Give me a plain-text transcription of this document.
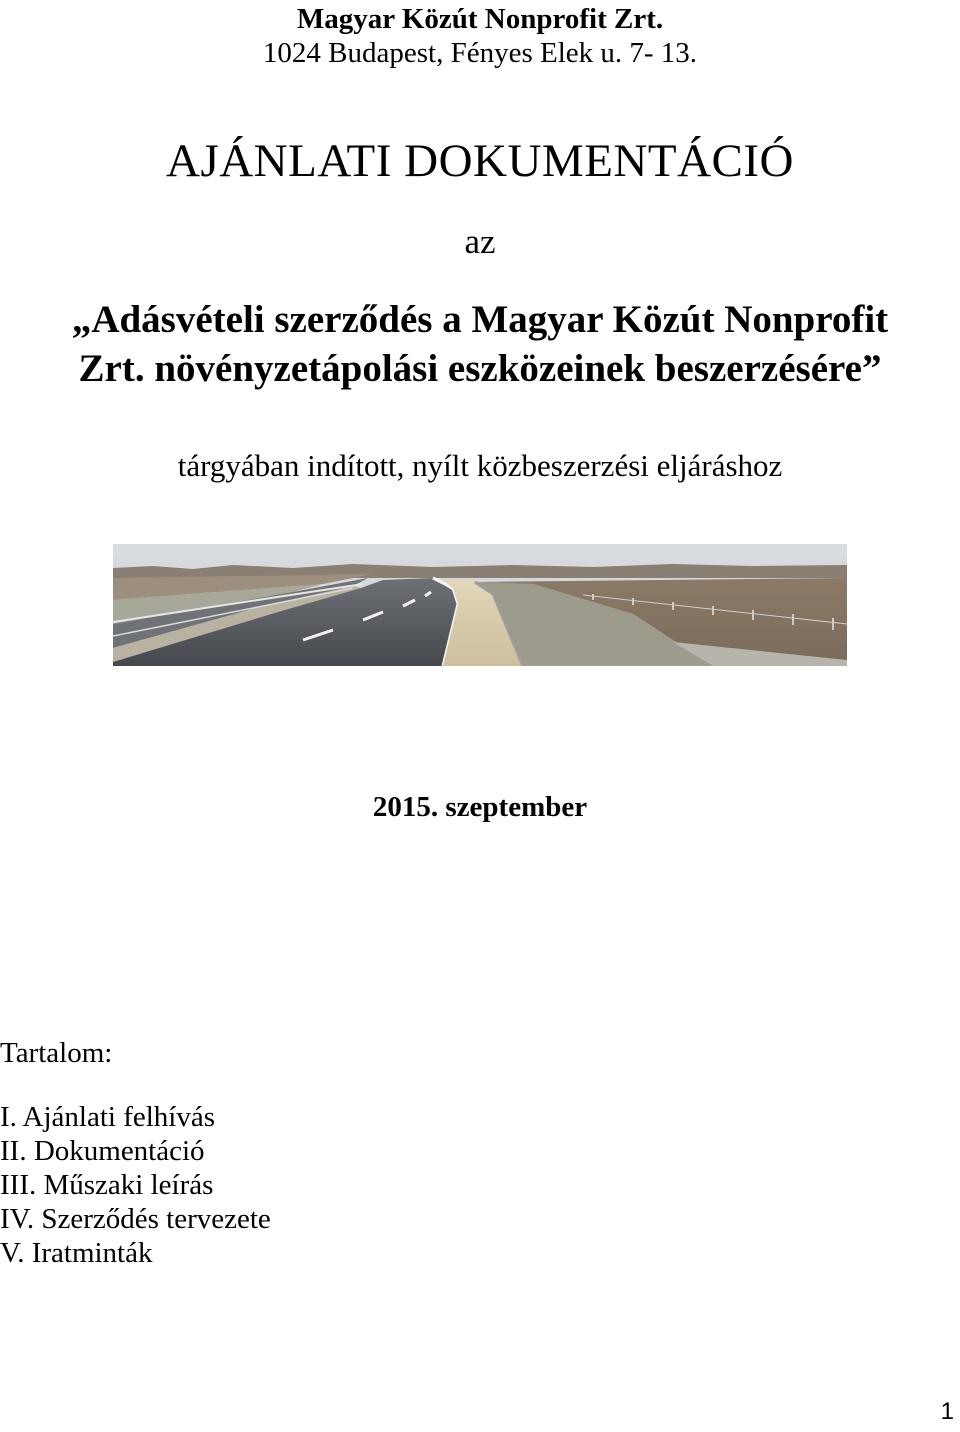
Magyar Közút Nonprofit Zrt.
1024 Budapest, Fényes Elek u. 7- 13.
AJÁNLATI DOKUMENTÁCIÓ
az
„Adásvételi szerződés a Magyar Közút Nonprofit
Zrt. növényzetápolási eszközeinek beszerzésére”
tárgyában indított, nyílt közbeszerzési eljáráshoz
2015. szeptember
Tartalom:
I. Ajánlati felhívás
II. Dokumentáció
III. Műszaki leírás
IV. Szerződés tervezete
V. Iratminták
1
